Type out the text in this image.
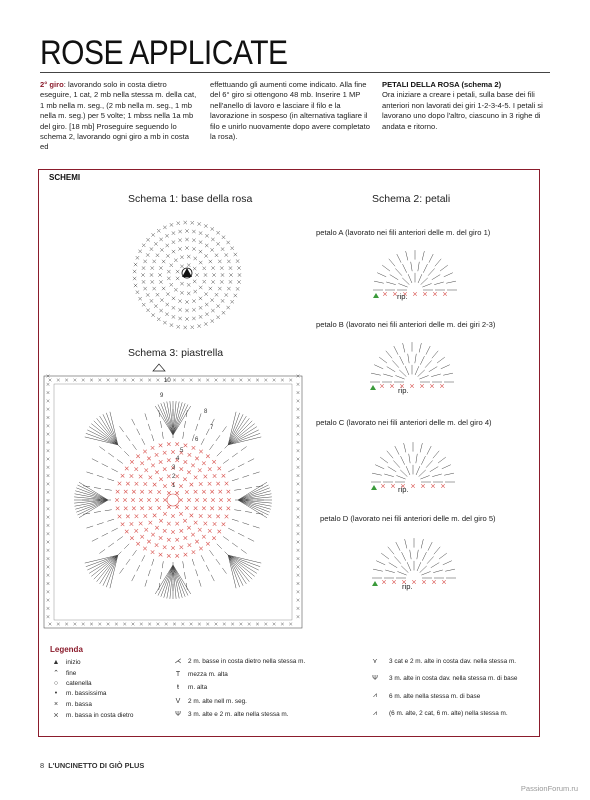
ROSE APPLICATE
2° giro: lavorando solo in costa dietro eseguire, 1 cat, 2 mb nella stessa m. della cat, 1 mb nella m. seg., (2 mb nella m. seg., 1 mb nella m. seg.) per 5 volte; 1 mbss nella 1a mb del giro. [18 mb] Proseguire seguendo lo schema 2, lavorando ogni giro a mb in costa ed
effettuando gli aumenti come indicato. Alla fine del 6° giro si ottengono 48 mb. Inserire 1 MP nell'anello di lavoro e lasciare il filo e la lavorazione in sospeso (in alternativa tagliare il filo e unirlo nuovamente dopo avere completato la rosa).
PETALI DELLA ROSA (schema 2)
Ora iniziare a creare i petali, sulla base dei fili anteriori non lavorati dei giri 1-2-3-4-5. I petali si lavorano uno dopo l'altro, ciascuno in 3 righe di andata e ritorno.
SCHEMI
Schema 1: base della rosa	Schema 2: petali
Schema 3: piastrella
10
9
8
7
6
5
4
3
2
1
petalo A (lavorato nei fili anteriori delle m. del giro 1)
rip.
petalo B (lavorato nei fili anteriori delle m. dei giri 2-3)
rip.
petalo C (lavorato nei fili anteriori delle m. del giro 4)
rip.
petalo D (lavorato nei fili anteriori delle m. del giro 5)
rip.
Legenda
▲	inizio
⌃	fine
○	catenella
•	m. bassissima
×	m. bassa
⨯	m. bassa in costa dietro
⋌	2 m. basse in costa dietro nella stessa m.
T	mezza m. alta
ŧ	m. alta
V	2 m. alte nell m. seg.
Ψ	3 m. alte e 2 m. alte nella stessa m.
⋎	3 cat e 2 m. alte in costa dav. nella stessa m.
Ψ	3 m. alte in costa dav. nella stessa m. di base
⩘	6 m. alte nella stessa m. di base
⩘	(6 m. alte, 2 cat, 6 m. alte) nella stessa m.
8 L'UNCINETTO DI GIÒ PLUS
PassionForum.ru
